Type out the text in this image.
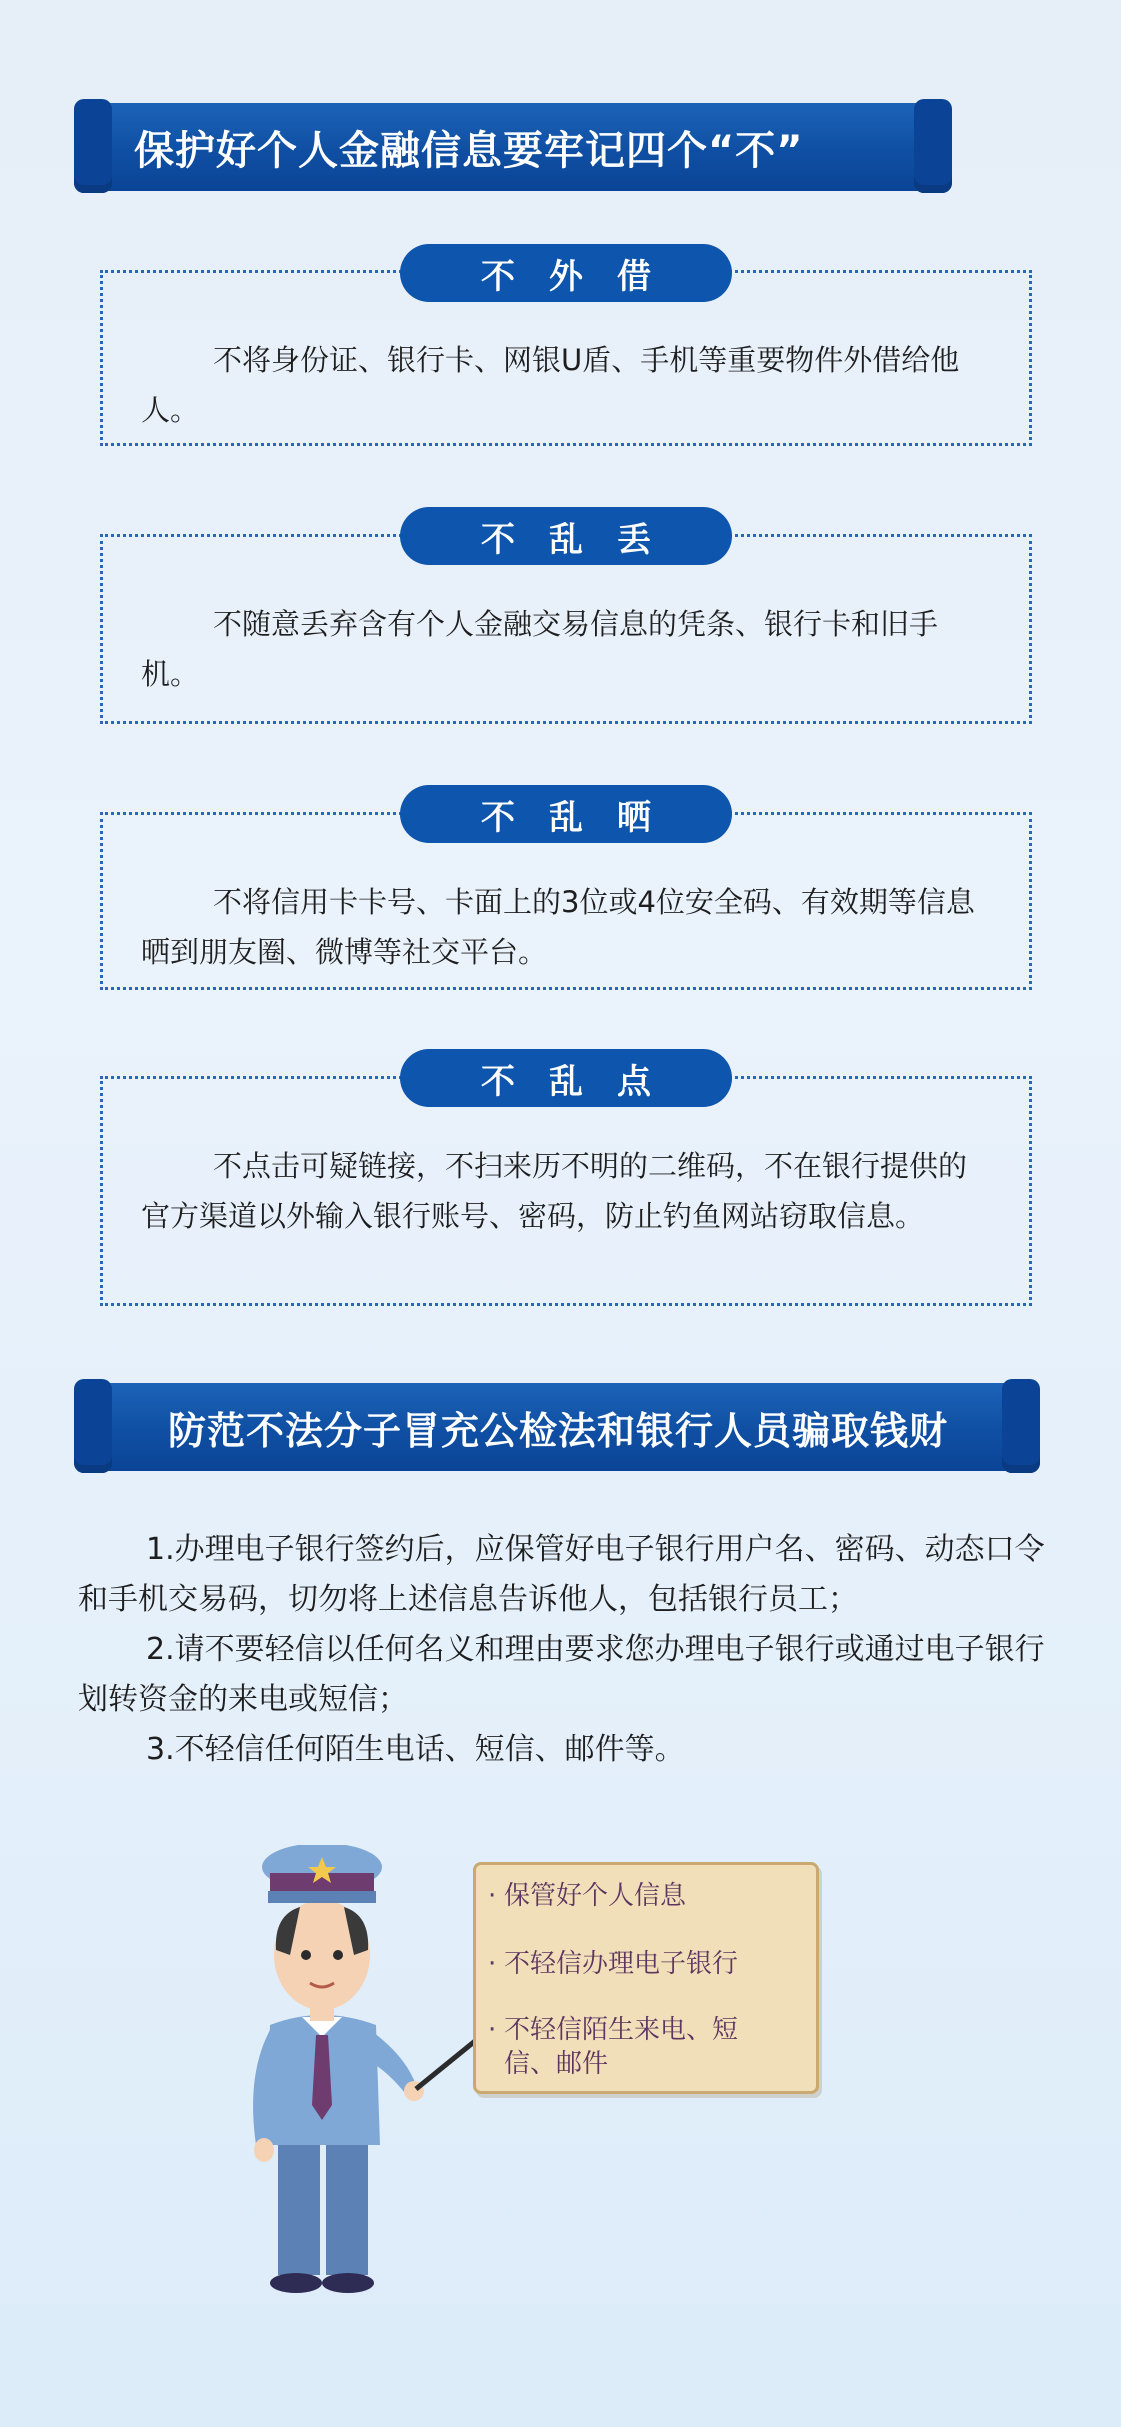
保护好个人金融信息要牢记四个“不”
不将身份证、银行卡、网银U盾、手机等重要物件外借给他人。
不外借
不随意丢弃含有个人金融交易信息的凭条、银行卡和旧手机。
不乱丢
不将信用卡卡号、卡面上的3位或4位安全码、有效期等信息晒到朋友圈、微博等社交平台。
不乱晒
不点击可疑链接，不扫来历不明的二维码，不在银行提供的官方渠道以外输入银行账号、密码，防止钓鱼网站窃取信息。
不乱点
防范不法分子冒充公检法和银行人员骗取钱财

1.办理电子银行签约后，应保管好电子银行用户名、密码、动态口令和手机交易码，切勿将上述信息告诉他人，包括银行员工；

2.请不要轻信以任何名义和理由要求您办理电子银行或通过电子银行划转资金的来电或短信；

3.不轻信任何陌生电话、短信、邮件等。

· 保管好个人信息
· 不轻信办理电子银行
· 不轻信陌生来电、短信、邮件
